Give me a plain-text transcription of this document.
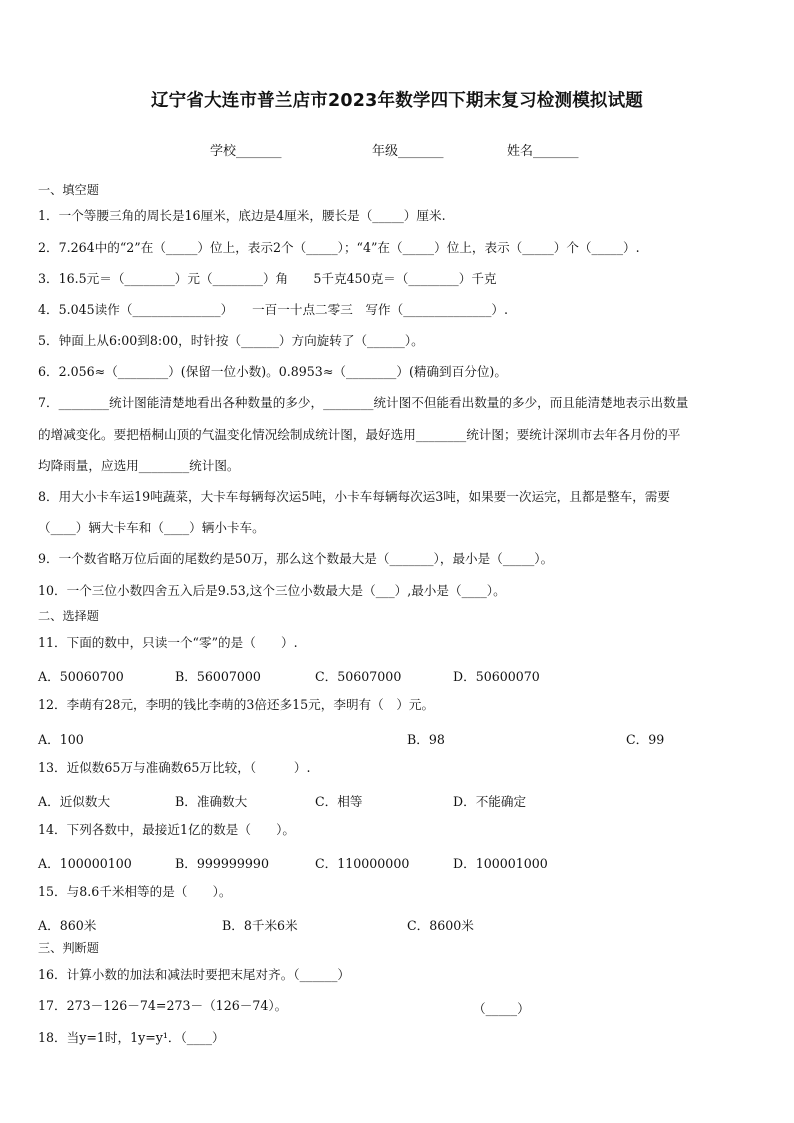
辽宁省大连市普兰店市2023年数学四下期末复习检测模拟试题
学校_______	年级_______	姓名_______
一、填空题
1．一个等腰三角的周长是16厘米，底边是4厘米，腰长是（_____）厘米.
2．7.264中的“2”在（_____）位上，表示2个（_____）；“4”在（_____）位上，表示（_____）个（_____）.
3．16.5元＝（________）元（________）角　　5千克450克＝（________）千克
4．5.045读作（______________）　　一百一十点二零三　写作（______________）.
5．钟面上从6:00到8:00，时针按（______）方向旋转了（______）。
6．2.056≈（________）(保留一位小数)。0.8953≈（________）(精确到百分位)。
7．________统计图能清楚地看出各种数量的多少，________统计图不但能看出数量的多少，而且能清楚地表示出数量
的增减变化。要把梧桐山顶的气温变化情况绘制成统计图，最好选用________统计图；要统计深圳市去年各月份的平
均降雨量，应选用________统计图。
8．用大小卡车运19吨蔬菜，大卡车每辆每次运5吨，小卡车每辆每次运3吨，如果要一次运完，且都是整车，需要
（____）辆大卡车和（____）辆小卡车。
9．一个数省略万位后面的尾数约是50万，那么这个数最大是（_______），最小是（_____）。
10．一个三位小数四舍五入后是9.53,这个三位小数最大是（___）,最小是（____）。
二、选择题
11．下面的数中，只读一个“零”的是（　　）.
A．50060700	B．56007000	C．50607000	D．50600070
12．李萌有28元，李明的钱比李萌的3倍还多15元，李明有（　）元。
A．100	B．98	C．99
13．近似数65万与准确数65万比较，（　　　）.
A．近似数大	B．准确数大	C．相等	D．不能确定
14．下列各数中，最接近1亿的数是（　　）。
A．100000100	B．999999990	C．110000000	D．100001000
15．与8.6千米相等的是（　　）。
A．860米	B．8千米6米	C．8600米
三、判断题
16．计算小数的加法和减法时要把末尾对齐。（______）
17．273－126－74=273－（126－74）。	（_____）
18．当y=1时，1y=y¹．（____）
